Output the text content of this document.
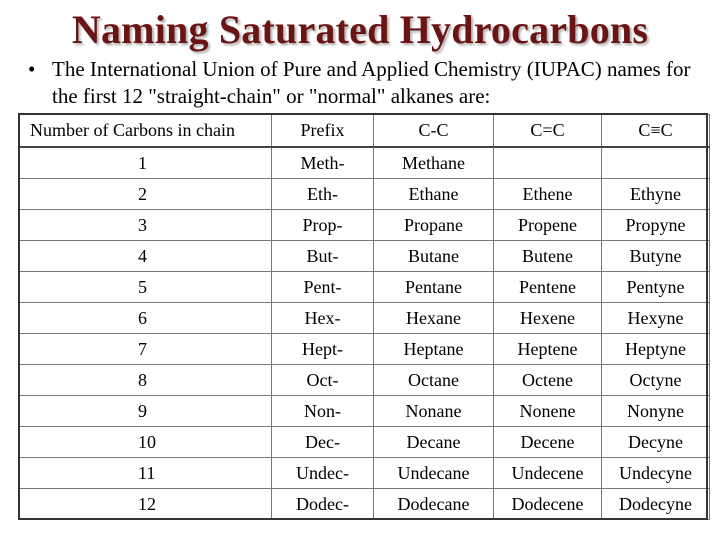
Naming Saturated Hydrocarbons
• The International Union of Pure and Applied Chemistry (IUPAC) names for the first 12 "straight-chain" or "normal" alkanes are:
Number of Carbons in chain	Prefix	C-C	C=C	C≡C
1	Meth-	Methane		
2	Eth-	Ethane	Ethene	Ethyne
3	Prop-	Propane	Propene	Propyne
4	But-	Butane	Butene	Butyne
5	Pent-	Pentane	Pentene	Pentyne
6	Hex-	Hexane	Hexene	Hexyne
7	Hept-	Heptane	Heptene	Heptyne
8	Oct-	Octane	Octene	Octyne
9	Non-	Nonane	Nonene	Nonyne
10	Dec-	Decane	Decene	Decyne
11	Undec-	Undecane	Undecene	Undecyne
12	Dodec-	Dodecane	Dodecene	Dodecyne
